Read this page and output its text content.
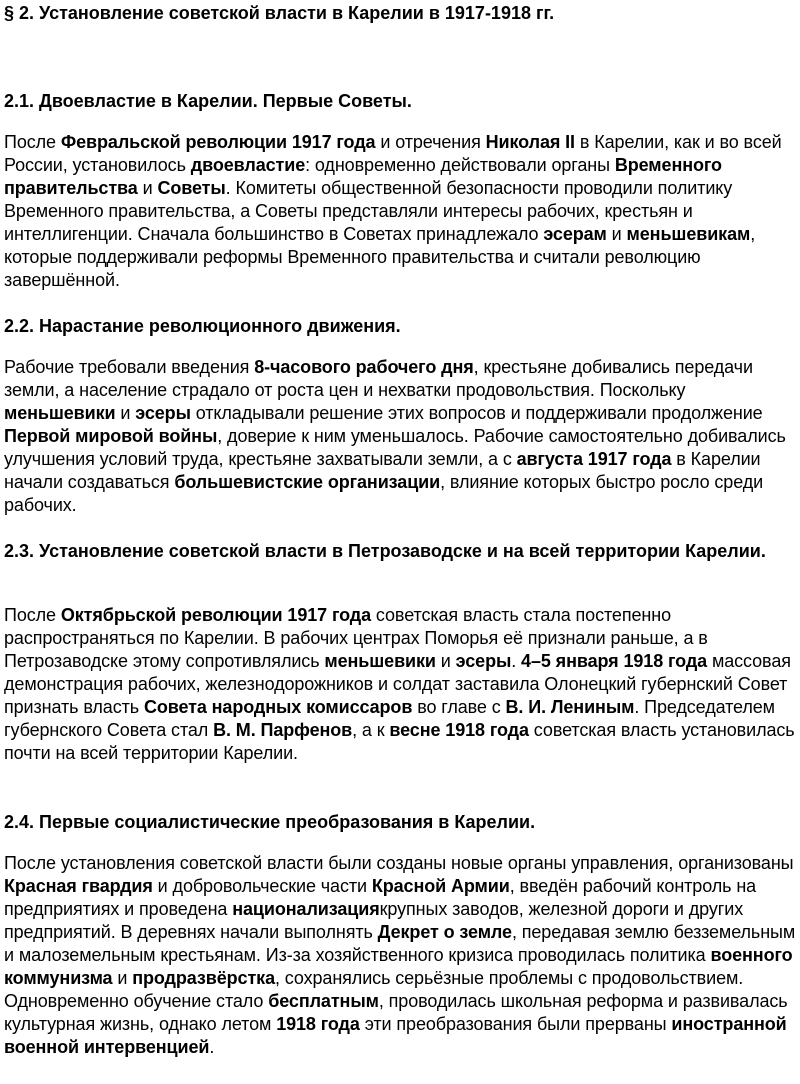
§ 2. Установление советской власти в Карелии в 1917-1918 гг.
2.1. Двоевластие в Карелии. Первые Советы.

После Февральской революции 1917 года и отречения Николая II в Карелии, как и во всей России, установилось двоевластие: одновременно действовали органы Временного правительства и Советы. Комитеты общественной безопасности проводили политику Временного правительства, а Советы представляли интересы рабочих, крестьян и интеллигенции. Сначала большинство в Советах принадлежало эсерам и меньшевикам, которые поддерживали реформы Временного правительства и считали революцию завершённой.

2.2. Нарастание революционного движения.

Рабочие требовали введения 8-часового рабочего дня, крестьяне добивались передачи земли, а население страдало от роста цен и нехватки продовольствия. Поскольку меньшевики и эсеры откладывали решение этих вопросов и поддерживали продолжение Первой мировой войны, доверие к ним уменьшалось. Рабочие самостоятельно добивались улучшения условий труда, крестьяне захватывали земли, а с августа 1917 года в Карелии начали создаваться большевистские организации, влияние которых быстро росло среди рабочих.

2.3. Установление советской власти в Петрозаводске и на всей территории Карелии.

После Октябрьской революции 1917 года советская власть стала постепенно распространяться по Карелии. В рабочих центрах Поморья её признали раньше, а в Петрозаводске этому сопротивлялись меньшевики и эсеры. 4–5 января 1918 года массовая демонстрация рабочих, железнодорожников и солдат заставила Олонецкий губернский Совет признать власть Совета народных комиссаров во главе с В. И. Лениным. Председателем губернского Совета стал В. М. Парфенов, а к весне 1918 года советская власть установилась почти на всей территории Карелии.

2.4. Первые социалистические преобразования в Карелии.

После установления советской власти были созданы новые органы управления, организованы Красная гвардия и добровольческие части Красной Армии, введён рабочий контроль на предприятиях и проведена национализациякрупных заводов, железной дороги и других предприятий. В деревнях начали выполнять Декрет о земле, передавая землю безземельным и малоземельным крестьянам. Из-за хозяйственного кризиса проводилась политика военного коммунизма и продразвёрстка, сохранялись серьёзные проблемы с продовольствием. Одновременно обучение стало бесплатным, проводилась школьная реформа и развивалась культурная жизнь, однако летом 1918 года эти преобразования были прерваны иностранной военной интервенцией.
